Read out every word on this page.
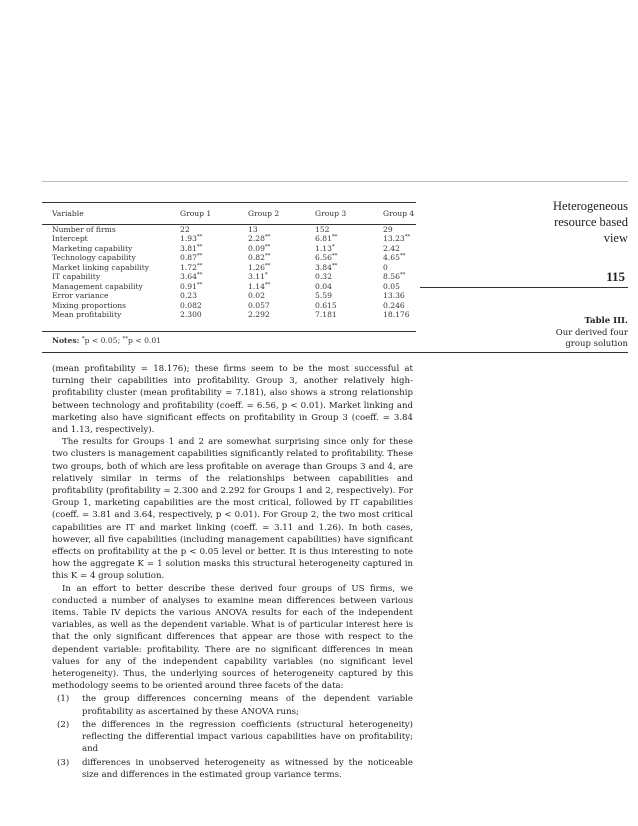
Heterogeneous
resource based
view
115
Table III.
Our derived four
group solution
Variable	Group 1	Group 2	Group 3	Group 4
Number of firms	22	13	152	29
Intercept	1.93**	2.28**	6.81**	13.23**
Marketing capability	3.81**	0.09**	1.13*	2.42
Technology capability	0.87**	0.82**	6.56**	4.65**
Market linking capability	1.72**	1.26**	3.84**	0
IT capability	3.64**	3.11*	0.32	8.56**
Management capability	0.91**	1.14**	0.04	0.05
Error variance	0.23	0.02	5.59	13.36
Mixing proportions	0.082	0.057	0.615	0.246
Mean profitability	2.300	2.292	7.181	18.176
Notes: *p < 0.05; **p < 0.01

(mean profitability = 18.176); these firms seem to be the most successful at turning their capabilities into profitability. Group 3, another relatively high-profitability cluster (mean profitability = 7.181), also shows a strong relationship between technology and profitability (coeff. = 6.56, p < 0.01). Market linking and marketing also have significant effects on profitability in Group 3 (coeff. = 3.84 and 1.13, respectively).

The results for Groups 1 and 2 are somewhat surprising since only for these two clusters is management capabilities significantly related to profitability. These two groups, both of which are less profitable on average than Groups 3 and 4, are relatively similar in terms of the relationships between capabilities and profitability (profitability = 2.300 and 2.292 for Groups 1 and 2, respectively). For Group 1, marketing capabilities are the most critical, followed by IT capabilities (coeff. = 3.81 and 3.64, respectively, p < 0.01). For Group 2, the two most critical capabilities are IT and market linking (coeff. = 3.11 and 1.26). In both cases, however, all five capabilities (including management capabilities) have significant effects on profitability at the p < 0.05 level or better. It is thus interesting to note how the aggregate K = 1 solution masks this structural heterogeneity captured in this K = 4 group solution.

In an effort to better describe these derived four groups of US firms, we conducted a number of analyses to examine mean differences between various items. Table IV depicts the various ANOVA results for each of the independent variables, as well as the dependent variable. What is of particular interest here is that the only significant differences that appear are those with respect to the dependent variable: profitability. There are no significant differences in mean values for any of the independent capability variables (no significant level heterogeneity). Thus, the underlying sources of heterogeneity captured by this methodology seems to be oriented around three facets of the data:

(1) the group differences concerning means of the dependent variable profitability as ascertained by these ANOVA runs;
(2) the differences in the regression coefficients (structural heterogeneity) reflecting the differential impact various capabilities have on profitability; and
(3) differences in unobserved heterogeneity as witnessed by the noticeable size and differences in the estimated group variance terms.
